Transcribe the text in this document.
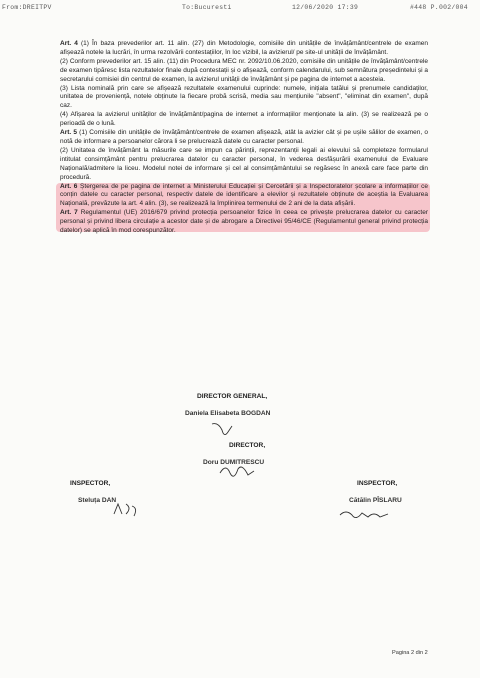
From:DREITPV	To:Bucuresti	12/06/2020 17:39	#448 P.002/004

Art. 4 (1) În baza prevederilor art. 11 alin. (27) din Metodologie, comisiile din unitățile de învățământ/centrele de examen afișează notele la lucrări, în urma rezolvării contestațiilor, în loc vizibil, la avizierul/ pe site-ul unității de învățământ.

(2) Conform prevederilor art. 15 alin. (11) din Procedura MEC nr. 2092/10.06.2020, comisiile din unitățile de învățământ/centrele de examen tipăresc lista rezultatelor finale după contestații și o afișează, conform calendarului, sub semnătura președintelui și a secretarului comisiei din centrul de examen, la avizierul unității de învățământ și pe pagina de internet a acesteia.

(3) Lista nominală prin care se afișează rezultatele examenului cuprinde: numele, inițiala tatălui și prenumele candidaților, unitatea de proveniență, notele obținute la fiecare probă scrisă, media sau mențiunile "absent", "eliminat din examen", după caz.

(4) Afișarea la avizierul unităților de învățământ/pagina de internet a informațiilor menționate la alin. (3) se realizează pe o perioadă de o lună.

Art. 5 (1) Comisiile din unitățile de învățământ/centrele de examen afișează, atât la avizier cât și pe ușile sălilor de examen, o notă de informare a persoanelor cărora li se prelucrează datele cu caracter personal.

(2) Unitatea de învățământ la măsurile care se impun ca părinții, reprezentanții legali ai elevului să completeze formularul intitulat consimțământ pentru prelucrarea datelor cu caracter personal, în vederea desfășurării examenului de Evaluare Națională/admitere la liceu. Modelul notei de informare și cel al consimțământului se regăsesc în anexă care face parte din procedură.

Art. 6 Ștergerea de pe pagina de internet a Ministerului Educației și Cercetării și a Inspectoratelor școlare a informațiilor ce conțin datele cu caracter personal, respectiv datele de identificare a elevilor și rezultatele obținute de aceștia la Evaluarea Națională, prevăzute la art. 4 alin. (3), se realizează la împlinirea termenului de 2 ani de la data afișării.

Art. 7 Regulamentul (UE) 2016/679 privind protecția persoanelor fizice în ceea ce privește prelucrarea datelor cu caracter personal și privind libera circulație a acestor date și de abrogare a Directivei 95/46/CE (Regulamentul general privind protecția datelor) se aplică în mod corespunzător.

DIRECTOR GENERAL,
Daniela Elisabeta BOGDAN
DIRECTOR,
Doru DUMITRESCU
INSPECTOR,
Steluța DAN
INSPECTOR,
Cătălin PÎSLARU
Pagina 2 din 2
